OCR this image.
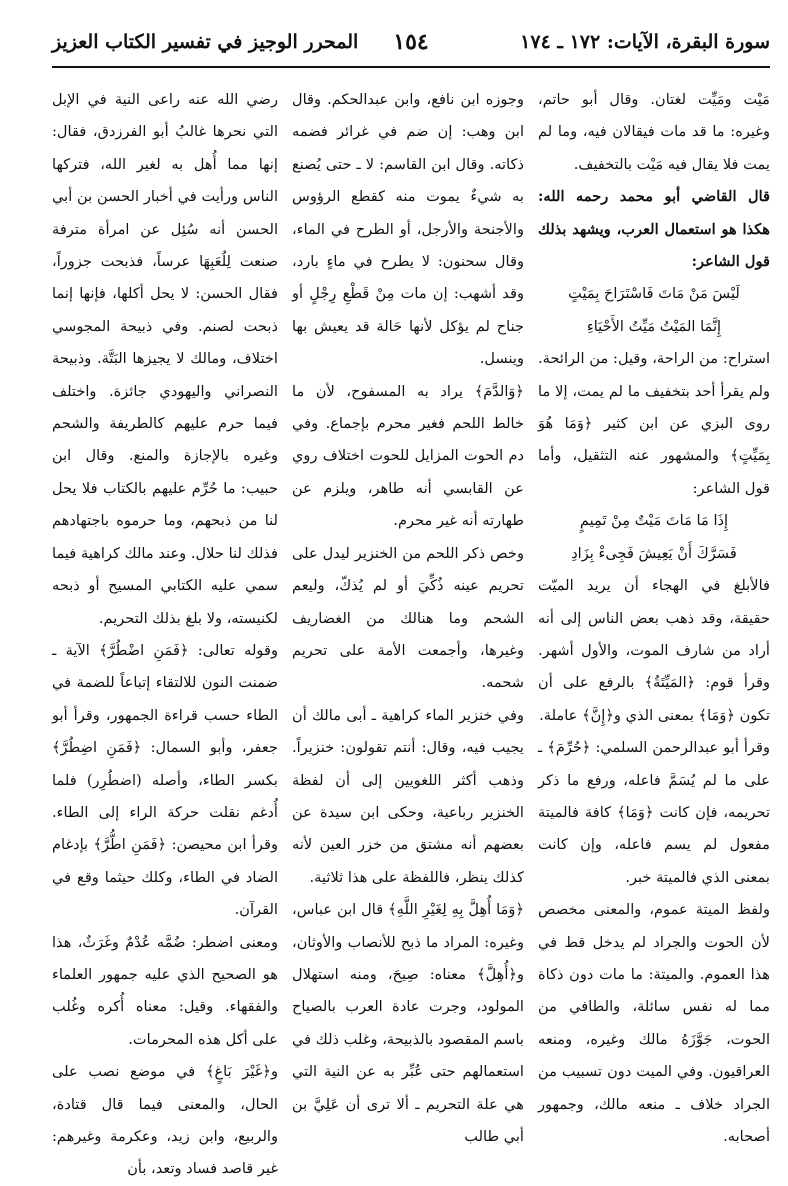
سورة البقرة، الآيات: ١٧٢ ـ ١٧٤
١٥٤
المحرر الوجيز في تفسير الكتاب العزيز

مَيْت ومَيِّت لغتان. وقال أبو حاتم، وغيره: ما قد مات فيقالان فيه، وما لم يمت فلا يقال فيه مَيْت بالتخفيف.

قال القاضي أبو محمد رحمه الله: هكذا هو استعمال العرب، ويشهد بذلك قول الشاعر:

لَيْسَ مَنْ مَاتَ فَاسْتَرَاحَ بِمَيْتٍ
إِنَّمَا المَيْتُ مَيِّتُ الأَحْيَاءِ

استراح: من الراحة، وقيل: من الرائحة. ولم يقرأ أحد بتخفيف ما لم يمت، إلا ما روى البزي عن ابن كثير ﴿وَمَا هُوَ بِمَيِّتٍ﴾ والمشهور عنه التثقيل، وأما قول الشاعر:

إِذَا مَا مَاتَ مَيْتٌ مِنْ تَمِيمٍ
فَسَرَّكَ أَنْ يَعِيشَ فَجِىءْ بِزَادِ

فالأبلغ في الهجاء أن يريد الميّت حقيقة، وقد ذهب بعض الناس إلى أنه أراد من شارف الموت، والأول أشهر. وقرأ قوم: ﴿المَيِّتَةُ﴾ بالرفع على أن تكون ﴿وَمَا﴾ بمعنى الذي و﴿إِنَّ﴾ عاملة.

وقرأ أبو عبدالرحمن السلمي: ﴿حُرِّمَ﴾ ـ على ما لم يُسَمَّ فاعله، ورفع ما ذكر تحريمه، فإن كانت ﴿وَمَا﴾ كافة فالميتة مفعول لم يسم فاعله، وإن كانت بمعنى الذي فالميتة خبر.

ولفظ الميتة عموم، والمعنى مخصص لأن الحوت والجراد لم يدخل قط في هذا العموم. والميتة: ما مات دون ذكاة مما له نفس سائلة، والطافي من الحوت، جَوَّزَهُ مالك وغيره، ومنعه العراقيون. وفي الميت دون تسبيب من الجراد خلاف ـ منعه مالك، وجمهور أصحابه.

وجوزه ابن نافع، وابن عبدالحكم. وقال ابن وهب: إن ضم في غرائر فضمه ذكاته. وقال ابن القاسم: لا ـ حتى يُصنع به شيءٌ يموت منه كقطع الرؤوس والأجنحة والأرجل، أو الطرح في الماء، وقال سحنون: لا يطرح في ماءٍ بارد، وقد أشهب: إن مات مِنْ قَطْعِ رِجْلٍ أو جناح لم يؤكل لأنها حَالة قد يعيش بها وينسل.

﴿وَالدَّمَ﴾ يراد به المسفوح، لأن ما خالط اللحم فغير محرم بإجماع. وفي دم الحوت المزايل للحوت اختلاف روي عن القابسي أنه طاهر، ويلزم عن طهارته أنه غير محرم.

وخص ذكر اللحم من الخنزير ليدل على تحريم عينه ذُكِّيَ أو لم يُذكّ، وليعم الشحم وما هنالك من الغضاريف وغيرها، وأجمعت الأمة على تحريم شحمه.

وفي خنزير الماء كراهية ـ أبى مالك أن يجيب فيه، وقال: أنتم تقولون: خنزيراً. وذهب أكثر اللغويين إلى أن لفظة الخنزير رباعية، وحكى ابن سيدة عن بعضهم أنه مشتق من خزر العين لأنه كذلك ينظر، فاللفظة على هذا ثلاثية.

﴿وَمَا أُهِلَّ بِهِ لِغَيْرِ اللَّهِ﴾ قال ابن عباس، وغيره: المراد ما ذبح للأنصاب والأوثان، و﴿أُهِلَّ﴾ معناه: صِيحَ، ومنه استهلال المولود، وجرت عادة العرب بالصياح باسم المقصود بالذبيحة، وغلب ذلك في استعمالهم حتى عُبِّر به عن النية التي هي علة التحريم ـ ألا ترى أن عَلِيَّ بن أبي طالب

رضي الله عنه راعى النية في الإبل التي نحرها غالبُ أبو الفرزدق، فقال: إنها مما أُهل به لغير الله، فتركها الناس ورأيت في أخبار الحسن بن أبي الحسن أنه سُئِل عن امرأة مترفة صنعت لِلُعَبِهَا عرساً، فذبحت جزوراً، فقال الحسن: لا يحل أكلها، فإنها إنما ذبحت لصنم. وفي ذبيحة المجوسي اختلاف، ومالك لا يجيزها البَتَّة. وذبيحة النصراني واليهودي جائزة. واختلف فيما حرم عليهم كالطريفة والشحم وغيره بالإجازة والمنع. وقال ابن حبيب: ما حُرِّم عليهم بالكتاب فلا يحل لنا من ذبحهم، وما حرموه باجتهادهم فذلك لنا حلال. وعند مالك كراهية فيما سمي عليه الكتابي المسيح أو ذبحه لكنيسته، ولا بلغ بذلك التحريم.

وقوله تعالى: ﴿فَمَنِ اضْطُرَّ﴾ الآية ـ ضمنت النون للالتقاء إتباعاً للضمة في الطاء حسب قراءة الجمهور، وقرأ أبو جعفر، وأبو السمال: ﴿فَمَنِ اضِطُرَّ﴾ بكسر الطاء، وأصله (اضطُرِر) فلما أُدغم نقلت حركة الراء إلى الطاء. وقرأ ابن محيصن: ﴿فَمَنِ اطُّرَّ﴾ بإدغام الضاد في الطاء، وكلك حيثما وقع في القرآن.

ومعنى اضطر: ضُمَّه عُدْمٌ وغَرَثٌ، هذا هو الصحيح الذي عليه جمهور العلماء والفقهاء. وقيل: معناه أُكره وغُلب على أكل هذه المحرمات.

و﴿غَيْرَ بَاغٍ﴾ في موضع نصب على الحال، والمعنى فيما قال قتادة، والربيع، وابن زيد، وعكرمة وغيرهم: غير قاصد فساد وتعد، بأن
